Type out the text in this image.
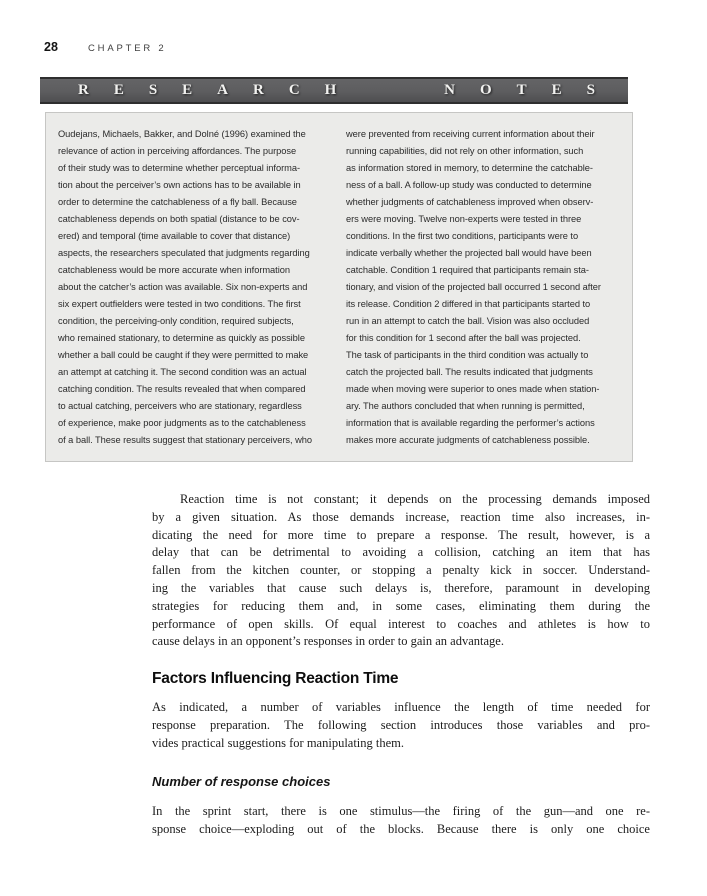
28	CHAPTER 2
RESEARCH	NOTES
Oudejans, Michaels, Bakker, and Dolné (1996) examined the
relevance of action in perceiving affordances. The purpose
of their study was to determine whether perceptual informa-
tion about the perceiver’s own actions has to be available in
order to determine the catchableness of a fly ball. Because
catchableness depends on both spatial (distance to be cov-
ered) and temporal (time available to cover that distance)
aspects, the researchers speculated that judgments regarding
catchableness would be more accurate when information
about the catcher’s action was available. Six non-experts and
six expert outfielders were tested in two conditions. The first
condition, the perceiving-only condition, required subjects,
who remained stationary, to determine as quickly as possible
whether a ball could be caught if they were permitted to make
an attempt at catching it. The second condition was an actual
catching condition. The results revealed that when compared
to actual catching, perceivers who are stationary, regardless
of experience, make poor judgments as to the catchableness
of a ball. These results suggest that stationary perceivers, who
were prevented from receiving current information about their
running capabilities, did not rely on other information, such
as information stored in memory, to determine the catchable-
ness of a ball. A follow-up study was conducted to determine
whether judgments of catchableness improved when observ-
ers were moving. Twelve non-experts were tested in three
conditions. In the first two conditions, participants were to
indicate verbally whether the projected ball would have been
catchable. Condition 1 required that participants remain sta-
tionary, and vision of the projected ball occurred 1 second after
its release. Condition 2 differed in that participants started to
run in an attempt to catch the ball. Vision was also occluded
for this condition for 1 second after the ball was projected.
The task of participants in the third condition was actually to
catch the projected ball. The results indicated that judgments
made when moving were superior to ones made when station-
ary. The authors concluded that when running is permitted,
information that is available regarding the performer’s actions
makes more accurate judgments of catchableness possible.
Reaction time is not constant; it depends on the processing demands imposed
by a given situation. As those demands increase, reaction time also increases, in-
dicating the need for more time to prepare a response. The result, however, is a
delay that can be detrimental to avoiding a collision, catching an item that has
fallen from the kitchen counter, or stopping a penalty kick in soccer. Understand-
ing the variables that cause such delays is, therefore, paramount in developing
strategies for reducing them and, in some cases, eliminating them during the
performance of open skills. Of equal interest to coaches and athletes is how to
cause delays in an opponent’s responses in order to gain an advantage.
Factors Influencing Reaction Time
As indicated, a number of variables influence the length of time needed for
response preparation. The following section introduces those variables and pro-
vides practical suggestions for manipulating them.
Number of response choices
In the sprint start, there is one stimulus—the firing of the gun—and one re-
sponse choice—exploding out of the blocks. Because there is only one choice
